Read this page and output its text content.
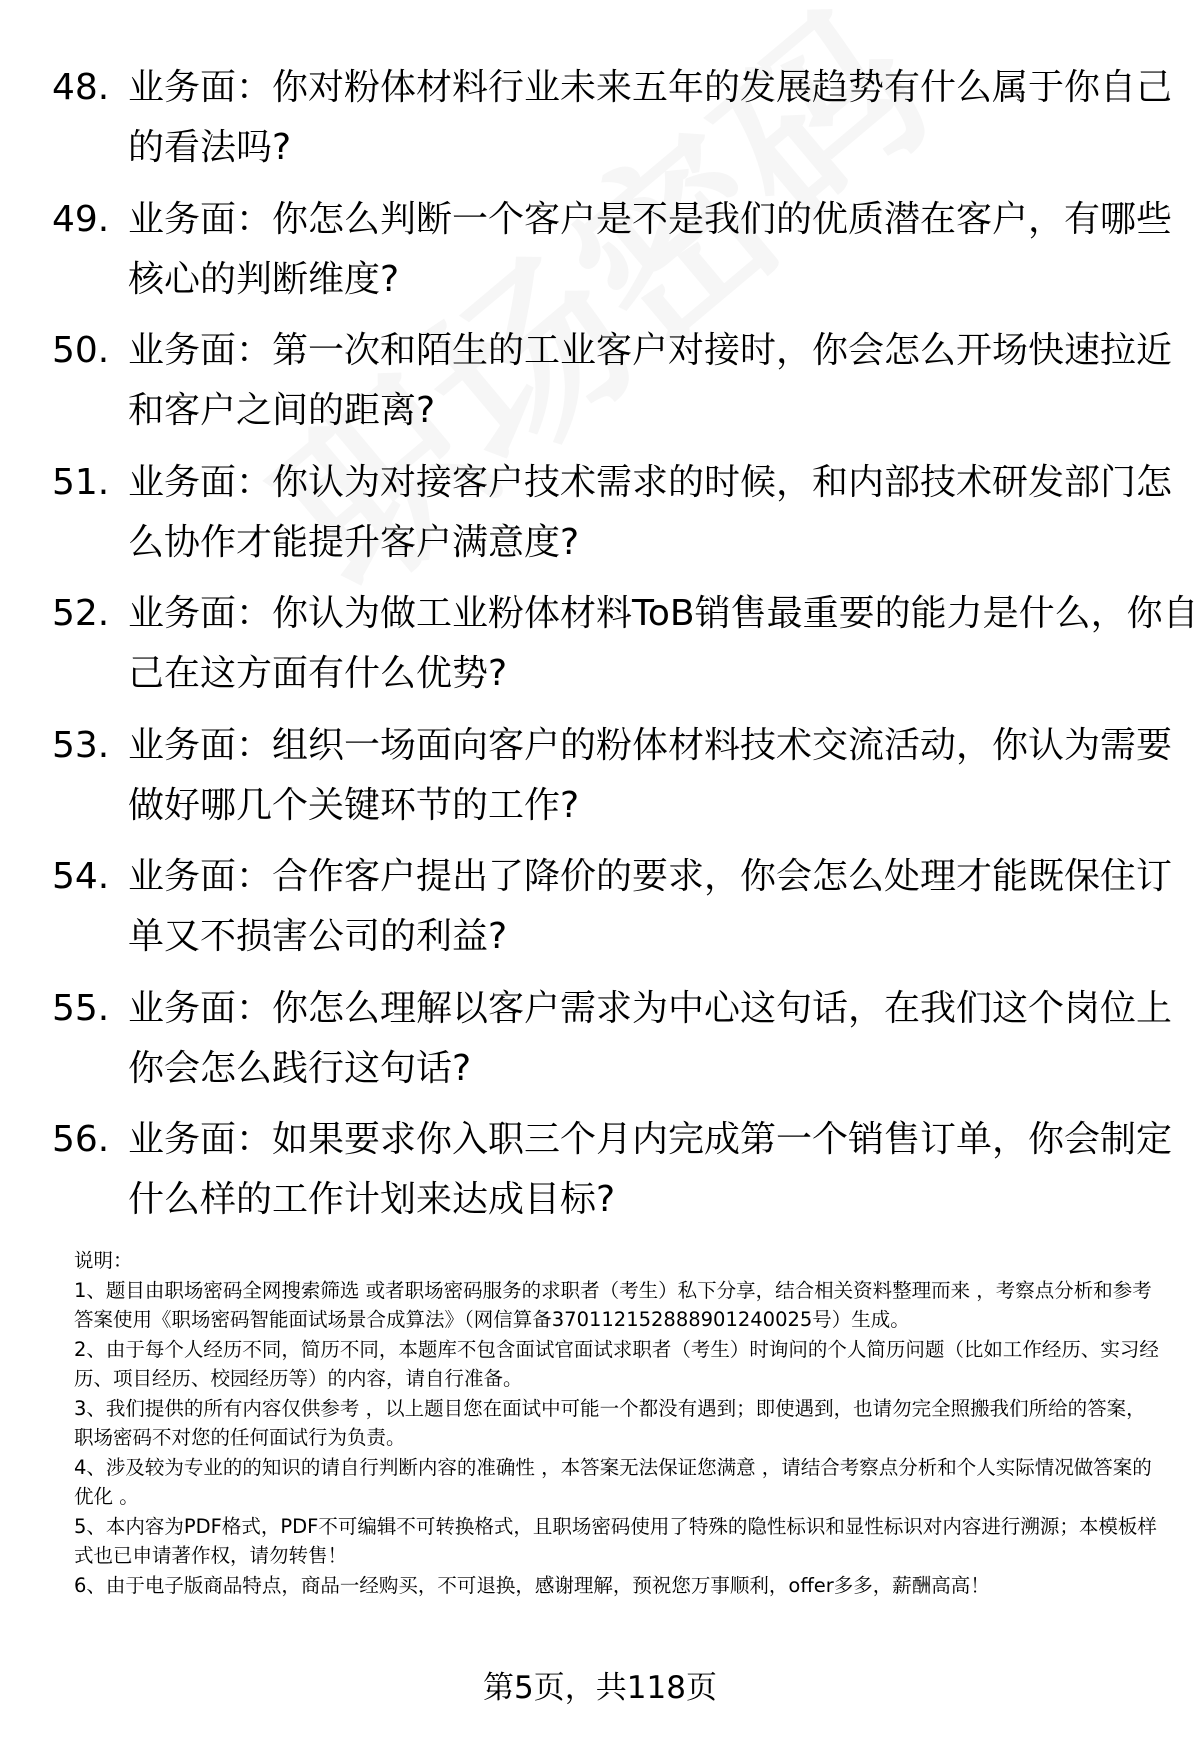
48. 业务面：你对粉体材料行业未来五年的发展趋势有什么属于你自己的看法吗?
49. 业务面：你怎么判断一个客户是不是我们的优质潜在客户，有哪些核心的判断维度?
50. 业务面：第一次和陌生的工业客户对接时，你会怎么开场快速拉近和客户之间的距离?
51. 业务面：你认为对接客户技术需求的时候，和内部技术研发部门怎么协作才能提升客户满意度?
52. 业务面：你认为做工业粉体材料ToB销售最重要的能力是什么，你自己在这方面有什么优势?
53. 业务面：组织一场面向客户的粉体材料技术交流活动，你认为需要做好哪几个关键环节的工作?
54. 业务面：合作客户提出了降价的要求，你会怎么处理才能既保住订单又不损害公司的利益?
55. 业务面：你怎么理解以客户需求为中心这句话，在我们这个岗位上你会怎么践行这句话?
56. 业务面：如果要求你入职三个月内完成第一个销售订单，你会制定什么样的工作计划来达成目标?

说明：

1、题目由职场密码全网搜索筛选 或者职场密码服务的求职者（考生）私下分享，结合相关资料整理而来 ，考察点分析和参考答案使用《职场密码智能面试场景合成算法》（网信算备37011215288890124002​5号）生成。

2、由于每个人经历不同，简历不同，本题库不包含面试官面试求职者（考生）时询问的个人简历问题（比如工作经历、实习经历、项目经历、校园经历等）的内容，请自行准备。

3、我们提供的所有内容仅供参考 ，以上题目您在面试中可能一个都没有遇到；即使遇到，也请勿完全照搬我们所给的答案，职场密码不对您的任何面试行为负责。

4、涉及较为专业的的知识的请自行判断内容的准确性 ，本答案无法保证您满意 ，请结合考察点分析和个人实际情况做答案的优化 。

5、本内容为PDF格式，PDF不可编辑不可转换格式，且职场密码使用了特殊的隐性标识和显性标识对内容进行溯源；本模板样式也已申请著作权，请勿转售！

6、由于电子版商品特点，商品一经购买，不可退换，感谢理解，预祝您万事顺利，offer多多，薪酬高高！

第5页，共118页
